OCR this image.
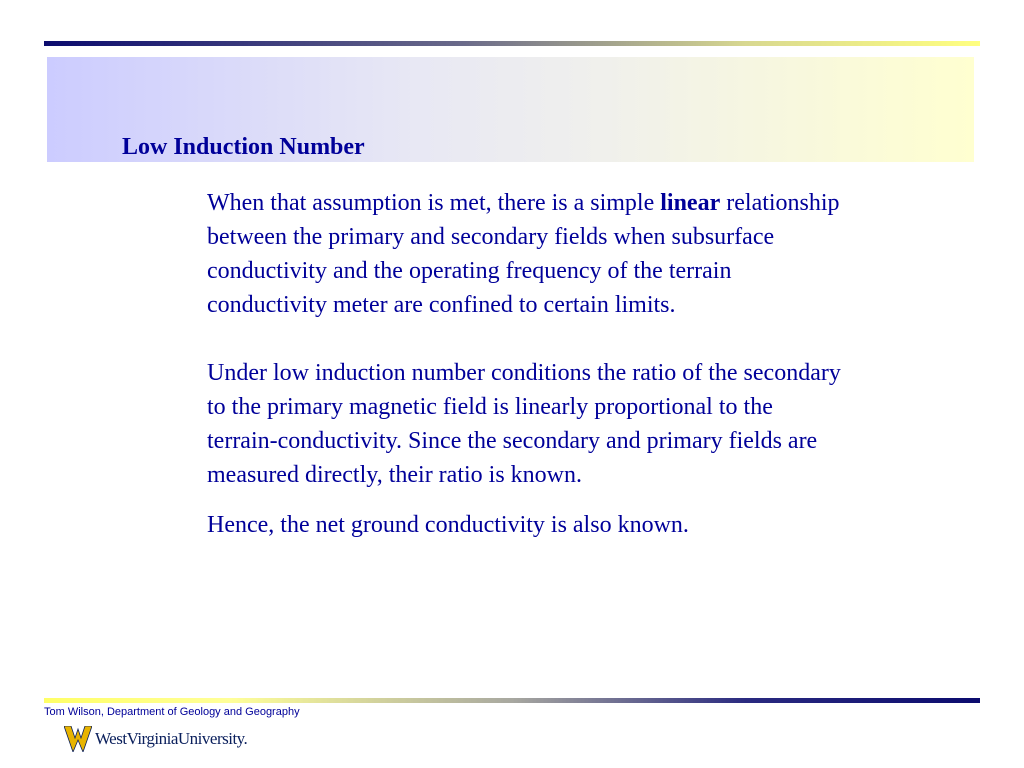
Low Induction Number

When that assumption is met, there is a simple linear relationship between the primary and secondary fields when subsurface conductivity and the operating frequency of the terrain conductivity meter are confined to certain limits.

Under low induction number conditions the ratio of the secondary to the primary magnetic field is linearly proportional to the terrain-conductivity. Since the secondary and primary fields are measured directly, their ratio is known.

Hence, the net ground conductivity is also known.

Tom Wilson, Department of Geology and Geography
WestVirginiaUniversity.
